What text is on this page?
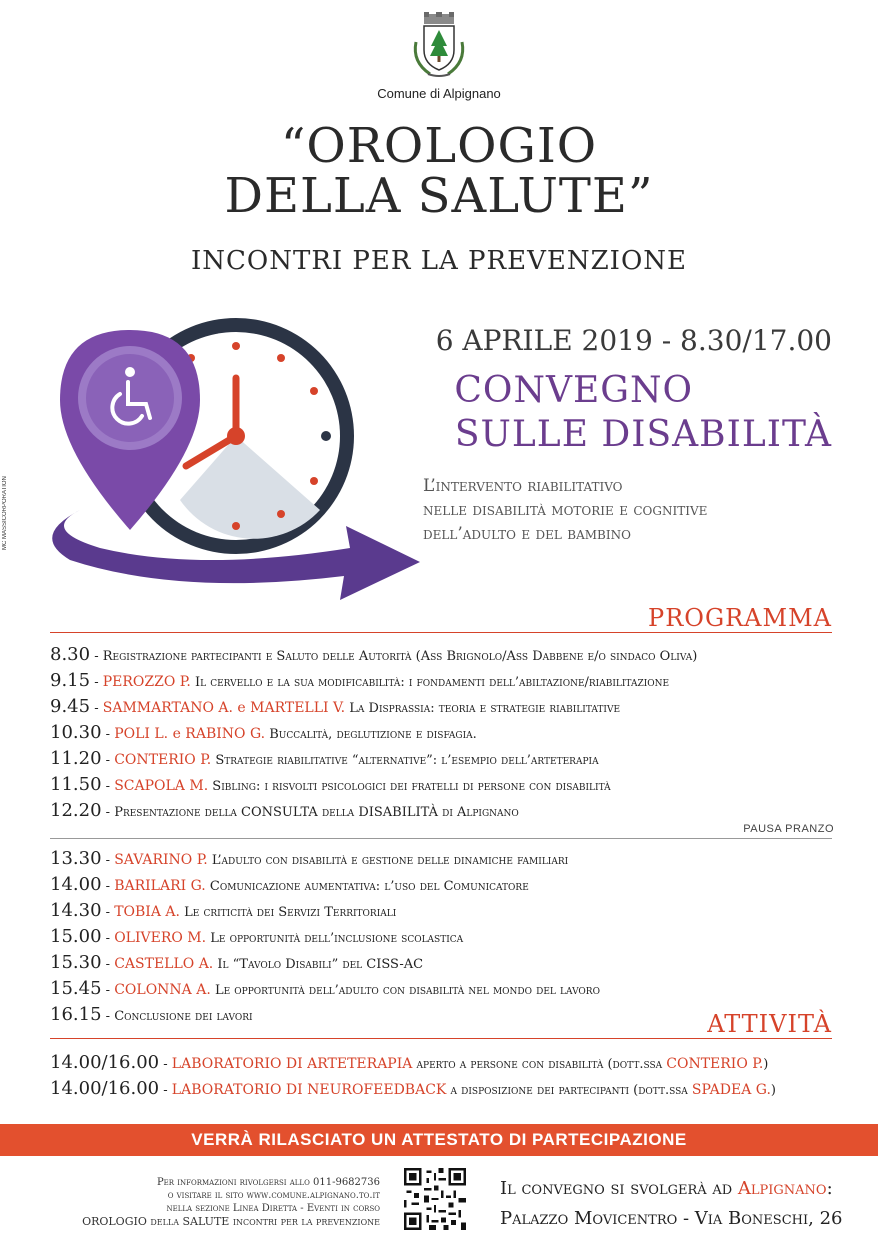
Comune di Alpignano
“OROLOGIO
DELLA SALUTE”
INCONTRI PER LA PREVENZIONE
MC MASSICORPORATION
6 APRILE 2019 - 8.30/17.00
CONVEGNO
SULLE DISABILITÀ
L’intervento riabilitativo
nelle disabilità motorie e cognitive
dell’adulto e del bambino
PROGRAMMA
8.30 - Registrazione partecipanti e Saluto delle Autorità (Ass Brignolo/Ass Dabbene e/o sindaco Oliva)
9.15 - PEROZZO P. Il cervello e la sua modificabilità: i fondamenti dell’abiltazione/riabilitazione
9.45 - SAMMARTANO A. e MARTELLI V. La Disprassia: teoria e strategie riabilitative
10.30 - POLI L. e RABINO G. Buccalità, deglutizione e disfagia.
11.20 - CONTERIO P. Strategie riabilitative “alternative”: l’esempio dell’arteterapia
11.50 - SCAPOLA M. Sibling: i risvolti psicologici dei fratelli di persone con disabilità
12.20 - Presentazione della CONSULTA della DISABILITÀ di Alpignano
PAUSA PRANZO
13.30 - SAVARINO P. L’adulto con disabilità e gestione delle dinamiche familiari
14.00 - BARILARI G. Comunicazione aumentativa: l’uso del Comunicatore
14.30 - TOBIA A. Le criticità dei Servizi Territoriali
15.00 - OLIVERO M. Le opportunità dell’inclusione scolastica
15.30 - CASTELLO A. Il “Tavolo Disabili” del CISS-AC
15.45 - COLONNA A. Le opportunità dell’adulto con disabilità nel mondo del lavoro
16.15 - Conclusione dei lavori	ATTIVITÀ
14.00/16.00 - LABORATORIO DI ARTETERAPIA aperto a persone con disabilità (dott.ssa CONTERIO P.)
14.00/16.00 - LABORATORIO DI NEUROFEEDBACK a disposizione dei partecipanti (dott.ssa SPADEA G.)
VERRÀ RILASCIATO UN ATTESTATO DI PARTECIPAZIONE
Per informazioni rivolgersi allo 011-9682736
o visitare il sito www.comune.alpignano.to.it
nella sezione Linea Diretta - Eventi in corso
OROLOGIO della SALUTE incontri per la prevenzione
Il convegno si svolgerà ad Alpignano:
Palazzo Movicentro - Via Boneschi, 26
